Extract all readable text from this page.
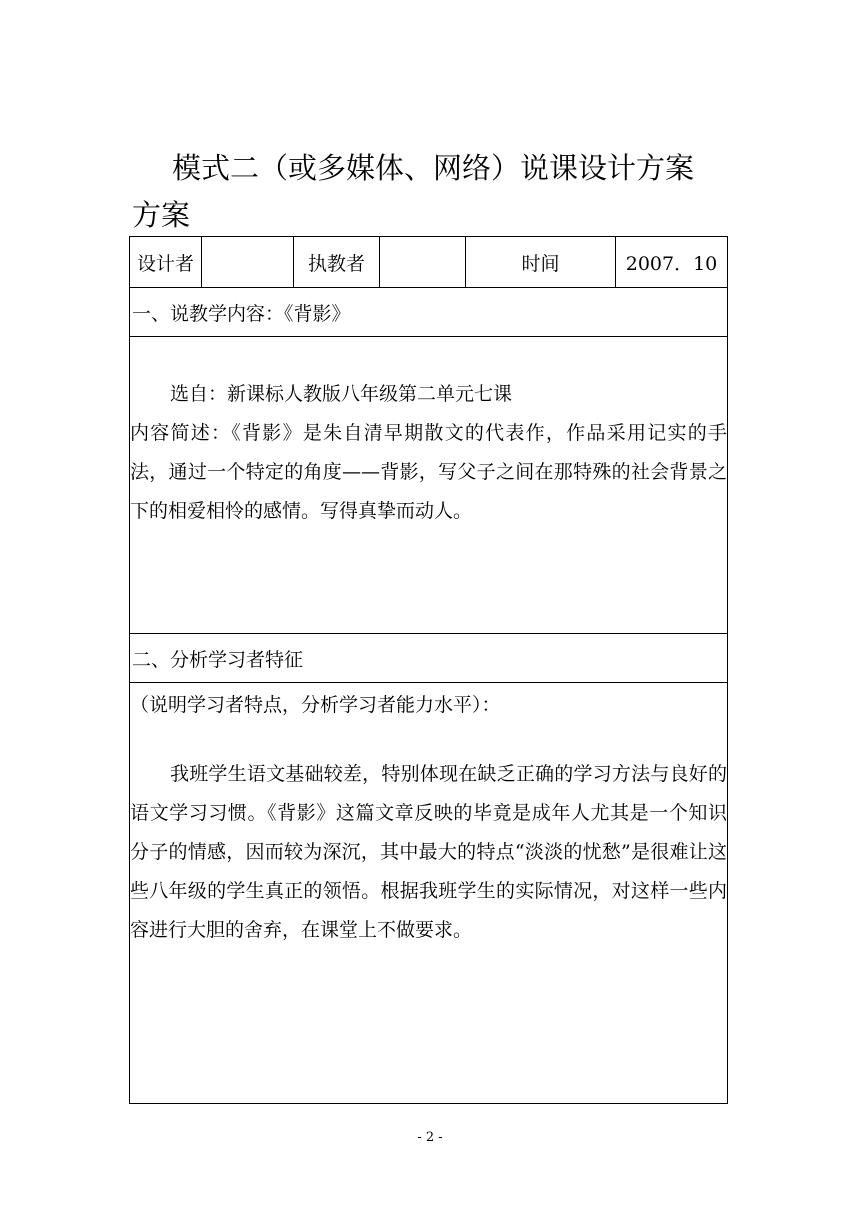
模式二（或多媒体、网络）说课设计方案
方案
设计者		执教者		时间	2007．10
一、说教学内容：《背影》

选自：新课标人教版八年级第二单元七课

内容简述：《背影》是朱自清早期散文的代表作，作品采用记实的手法，通过一个特定的角度——背影，写父子之间在那特殊的社会背景之下的相爱相怜的感情。写得真挚而动人。

二、分析学习者特征

（说明学习者特点，分析学习者能力水平）：

我班学生语文基础较差，特别体现在缺乏正确的学习方法与良好的语文学习习惯。《背影》这篇文章反映的毕竟是成年人尤其是一个知识分子的情感，因而较为深沉，其中最大的特点“淡淡的忧愁”是很难让这些八年级的学生真正的领悟。根据我班学生的实际情况，对这样一些内容进行大胆的舍弃，在课堂上不做要求。

- 2 -
